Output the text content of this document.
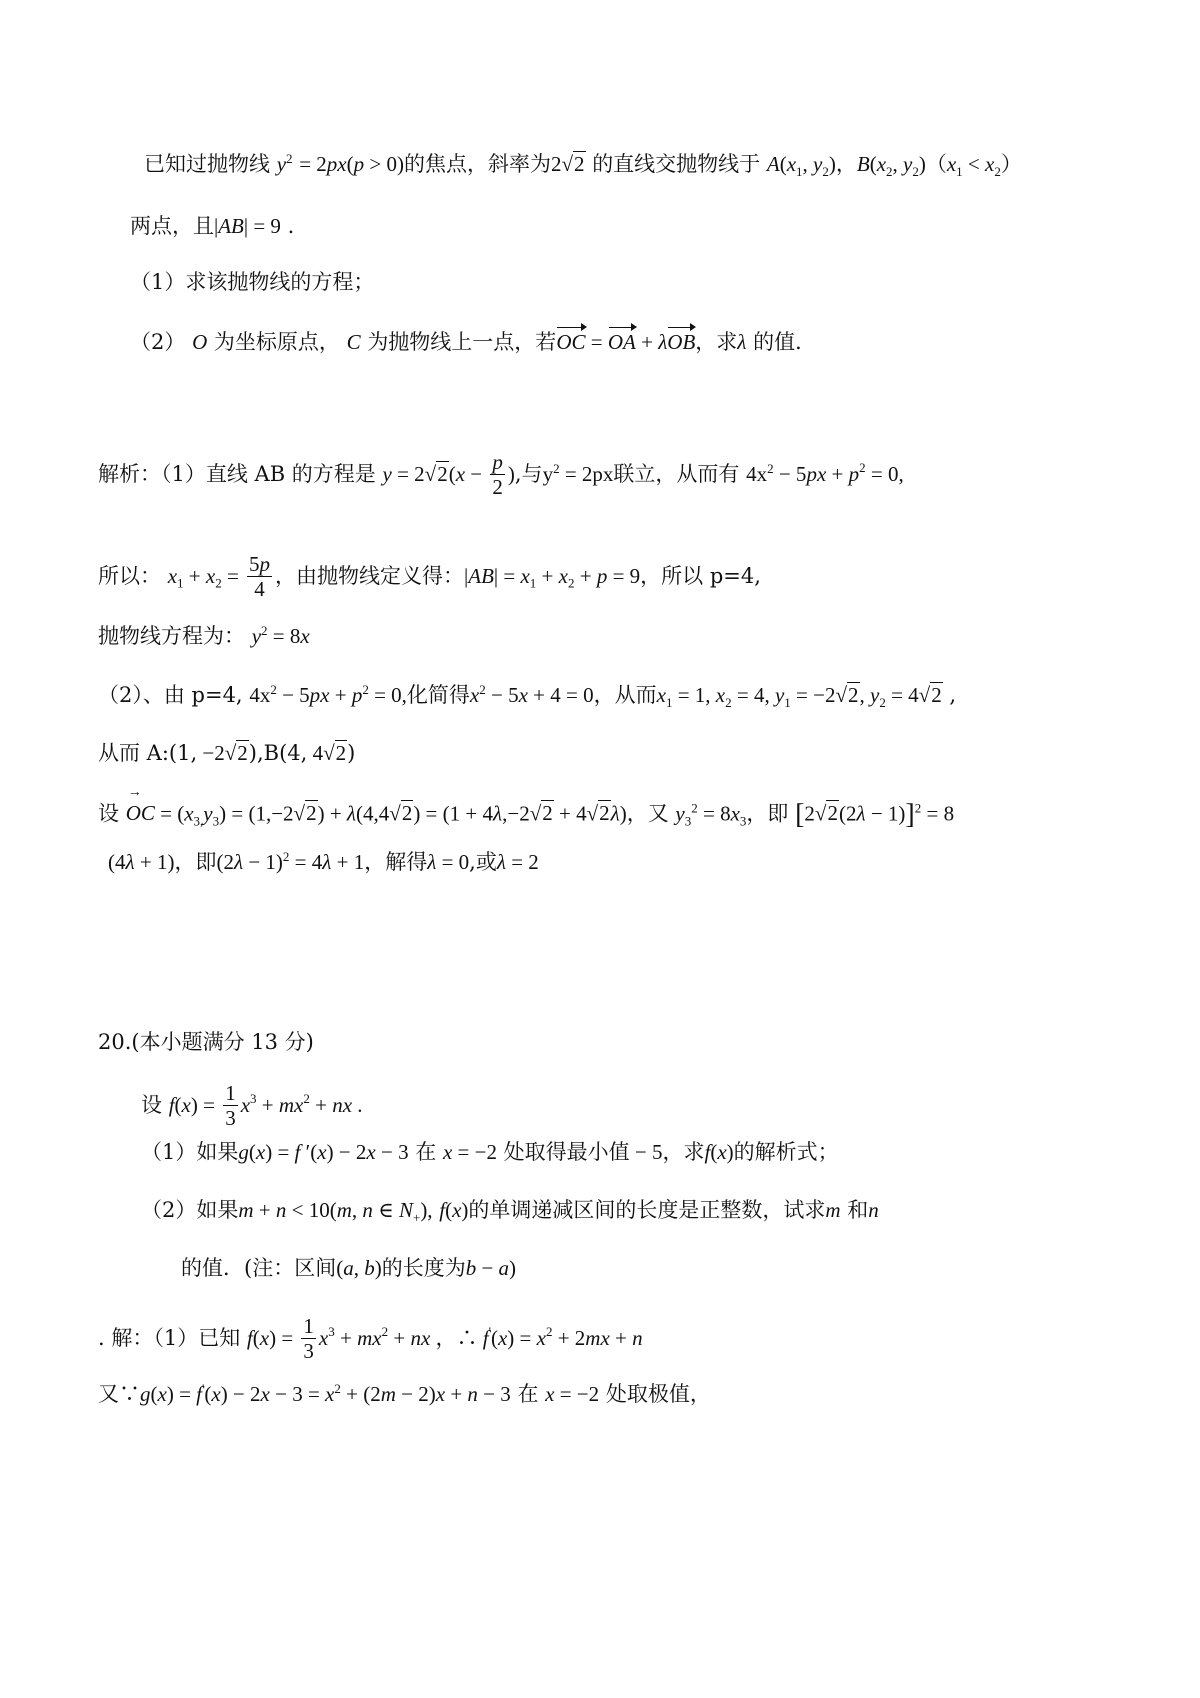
已知过抛物线 $y^2 = 2px(p > 0)$的焦点，斜率为2√2 的直线交抛物线于 $A(x_1$, $y_2$)，$B(x_2$, $y_2)(x_1 < x_2)$
两点，且|AB| = 9 .
（1）求该抛物线的方程；
（2） O 为坐标原点， C 为抛物线上一点，若OC = OA + λOB，求λ 的值．
解析：（1）直线 AB 的方程是 $y = 2√2(x - \frac{p}{2}$ ),与$y^2 = 2px$联立，从而有 $4x^2 - 5px + p^2 = 0$,
所以： $x_1 + x_2 = \frac{5p}{4}$ ，由抛物线定义得：$|AB| = x_1 + x_2 + p = 9$，所以 p=4,
抛物线方程为： $y^2 = 8x$
（2）、由 p=4, $4x^2 - 5px + p^2 = 0$,化简得$x^2 - 5x + 4 = 0$，从而$x_1 = 1$, $x_2 = 4$, $y_1 = -2√2$, $y_2 = 4√2$ ,
从而 A:(1, −2√2),B(4, 4√2)
设 OC → = $(x_{3,}y_3) = (1,-2√2) + \lambda(4,4√2) = (1 + 4\lambda,-2√2 + 4√2\lambda)$，又 $y_3^2 = 8x_3$，即 $[2√2(2\lambda - 1)]^2 = 8$
(4λ + 1)，即$(2\lambda - 1)^2 = 4\lambda + 1$，解得λ = 0,或λ = 2
20.(本小题满分 13 分)
设 $f(x) = \frac{1}{3} x^3 + mx^2$ + nx .
（1）如果g(x) = f ′(x) − 2x − 3 在 x = −2 处取得最小值 − 5，求f(x)的解析式；
（2）如果m + n < 10(m, n ∈ $N_+$), f(x)的单调递减区间的长度是正整数，试求m 和n
的值．(注：区间(a, b)的长度为b − a)
. 解：（1）已知 $f(x) = \frac{1}{3} x^3 + mx^2$ + nx ，∴ $f'(x) = x^2 + 2mx + n$
又∵g(x) = $f'(x) - 2x - 3 = x^2 + (2m - 2)x + n - 3$ 在 x = −2 处取极值，
